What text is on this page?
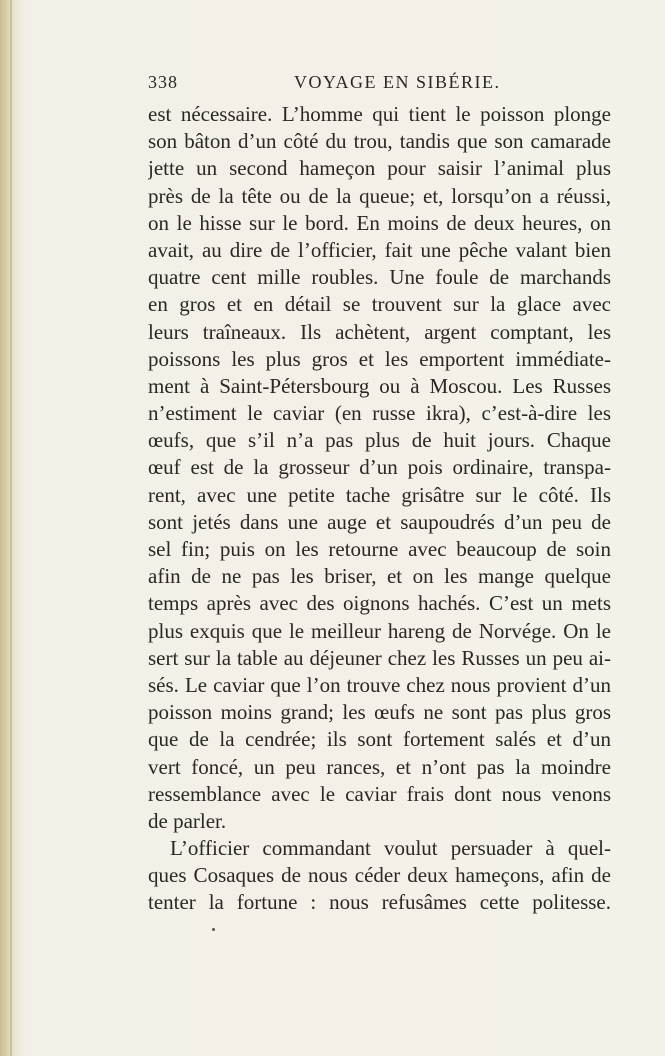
338	VOYAGE EN SIBÉRIE.
est nécessaire. L’homme qui tient le poisson plonge
son bâton d’un côté du trou, tandis que son camarade
jette un second hameçon pour saisir l’animal plus
près de la tête ou de la queue; et, lorsqu’on a réussi,
on le hisse sur le bord. En moins de deux heures, on
avait, au dire de l’officier, fait une pêche valant bien
quatre cent mille roubles. Une foule de marchands
en gros et en détail se trouvent sur la glace avec
leurs traîneaux. Ils achètent, argent comptant, les
poissons les plus gros et les emportent immédiate-
ment à Saint-Pétersbourg ou à Moscou. Les Russes
n’estiment le caviar (en russe ikra), c’est-à-dire les
œufs, que s’il n’a pas plus de huit jours. Chaque
œuf est de la grosseur d’un pois ordinaire, transpa-
rent, avec une petite tache grisâtre sur le côté. Ils
sont jetés dans une auge et saupoudrés d’un peu de
sel fin; puis on les retourne avec beaucoup de soin
afin de ne pas les briser, et on les mange quelque
temps après avec des oignons hachés. C’est un mets
plus exquis que le meilleur hareng de Norvége. On le
sert sur la table au déjeuner chez les Russes un peu ai-
sés. Le caviar que l’on trouve chez nous provient d’un
poisson moins grand; les œufs ne sont pas plus gros
que de la cendrée; ils sont fortement salés et d’un
vert foncé, un peu rances, et n’ont pas la moindre
ressemblance avec le caviar frais dont nous venons
de parler.
L’officier commandant voulut persuader à quel-
ques Cosaques de nous céder deux hameçons, afin de
tenter la fortune : nous refusâmes cette politesse.
